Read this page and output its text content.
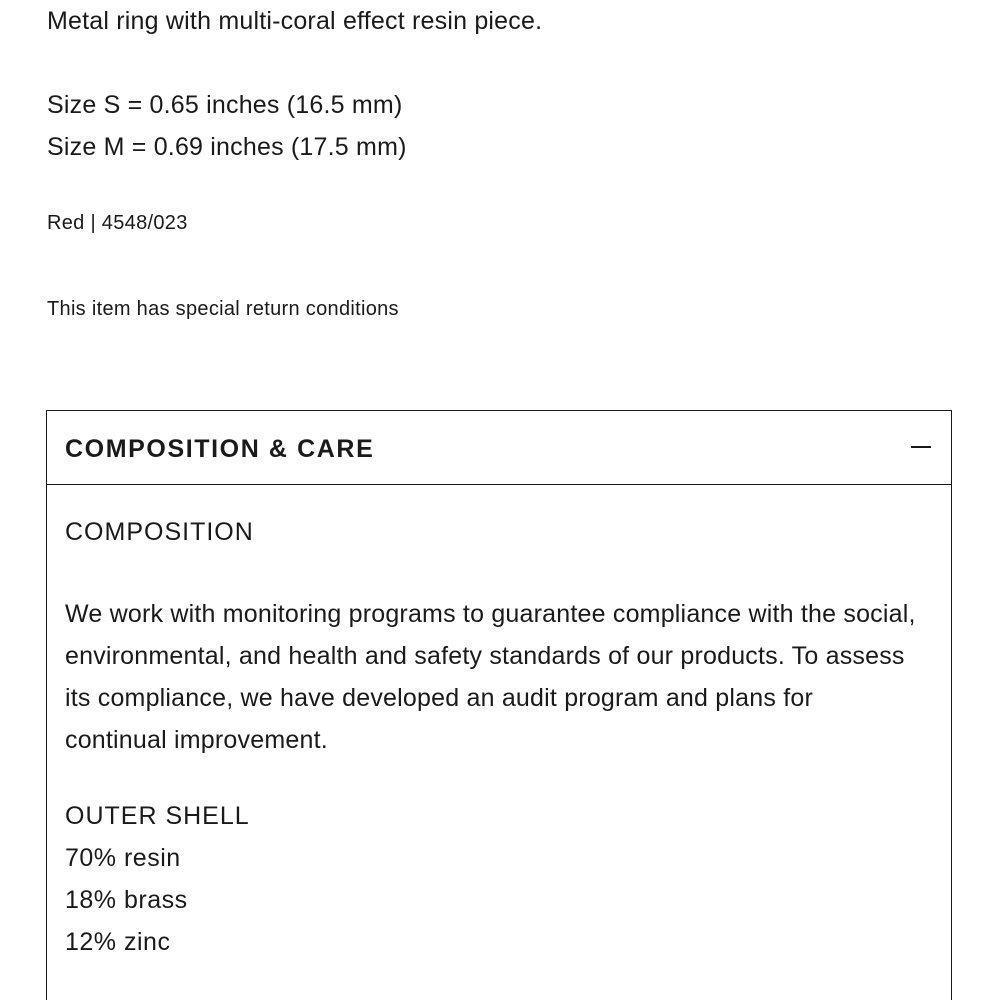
Metal ring with multi-coral effect resin piece.
Size S = 0.65 inches (16.5 mm)
Size M = 0.69 inches (17.5 mm)
Red | 4548/023
This item has special return conditions
COMPOSITION & CARE
COMPOSITION
We work with monitoring programs to guarantee compliance with the social, environmental, and health and safety standards of our products. To assess its compliance, we have developed an audit program and plans for continual improvement.
OUTER SHELL
70% resin
18% brass
12% zinc
